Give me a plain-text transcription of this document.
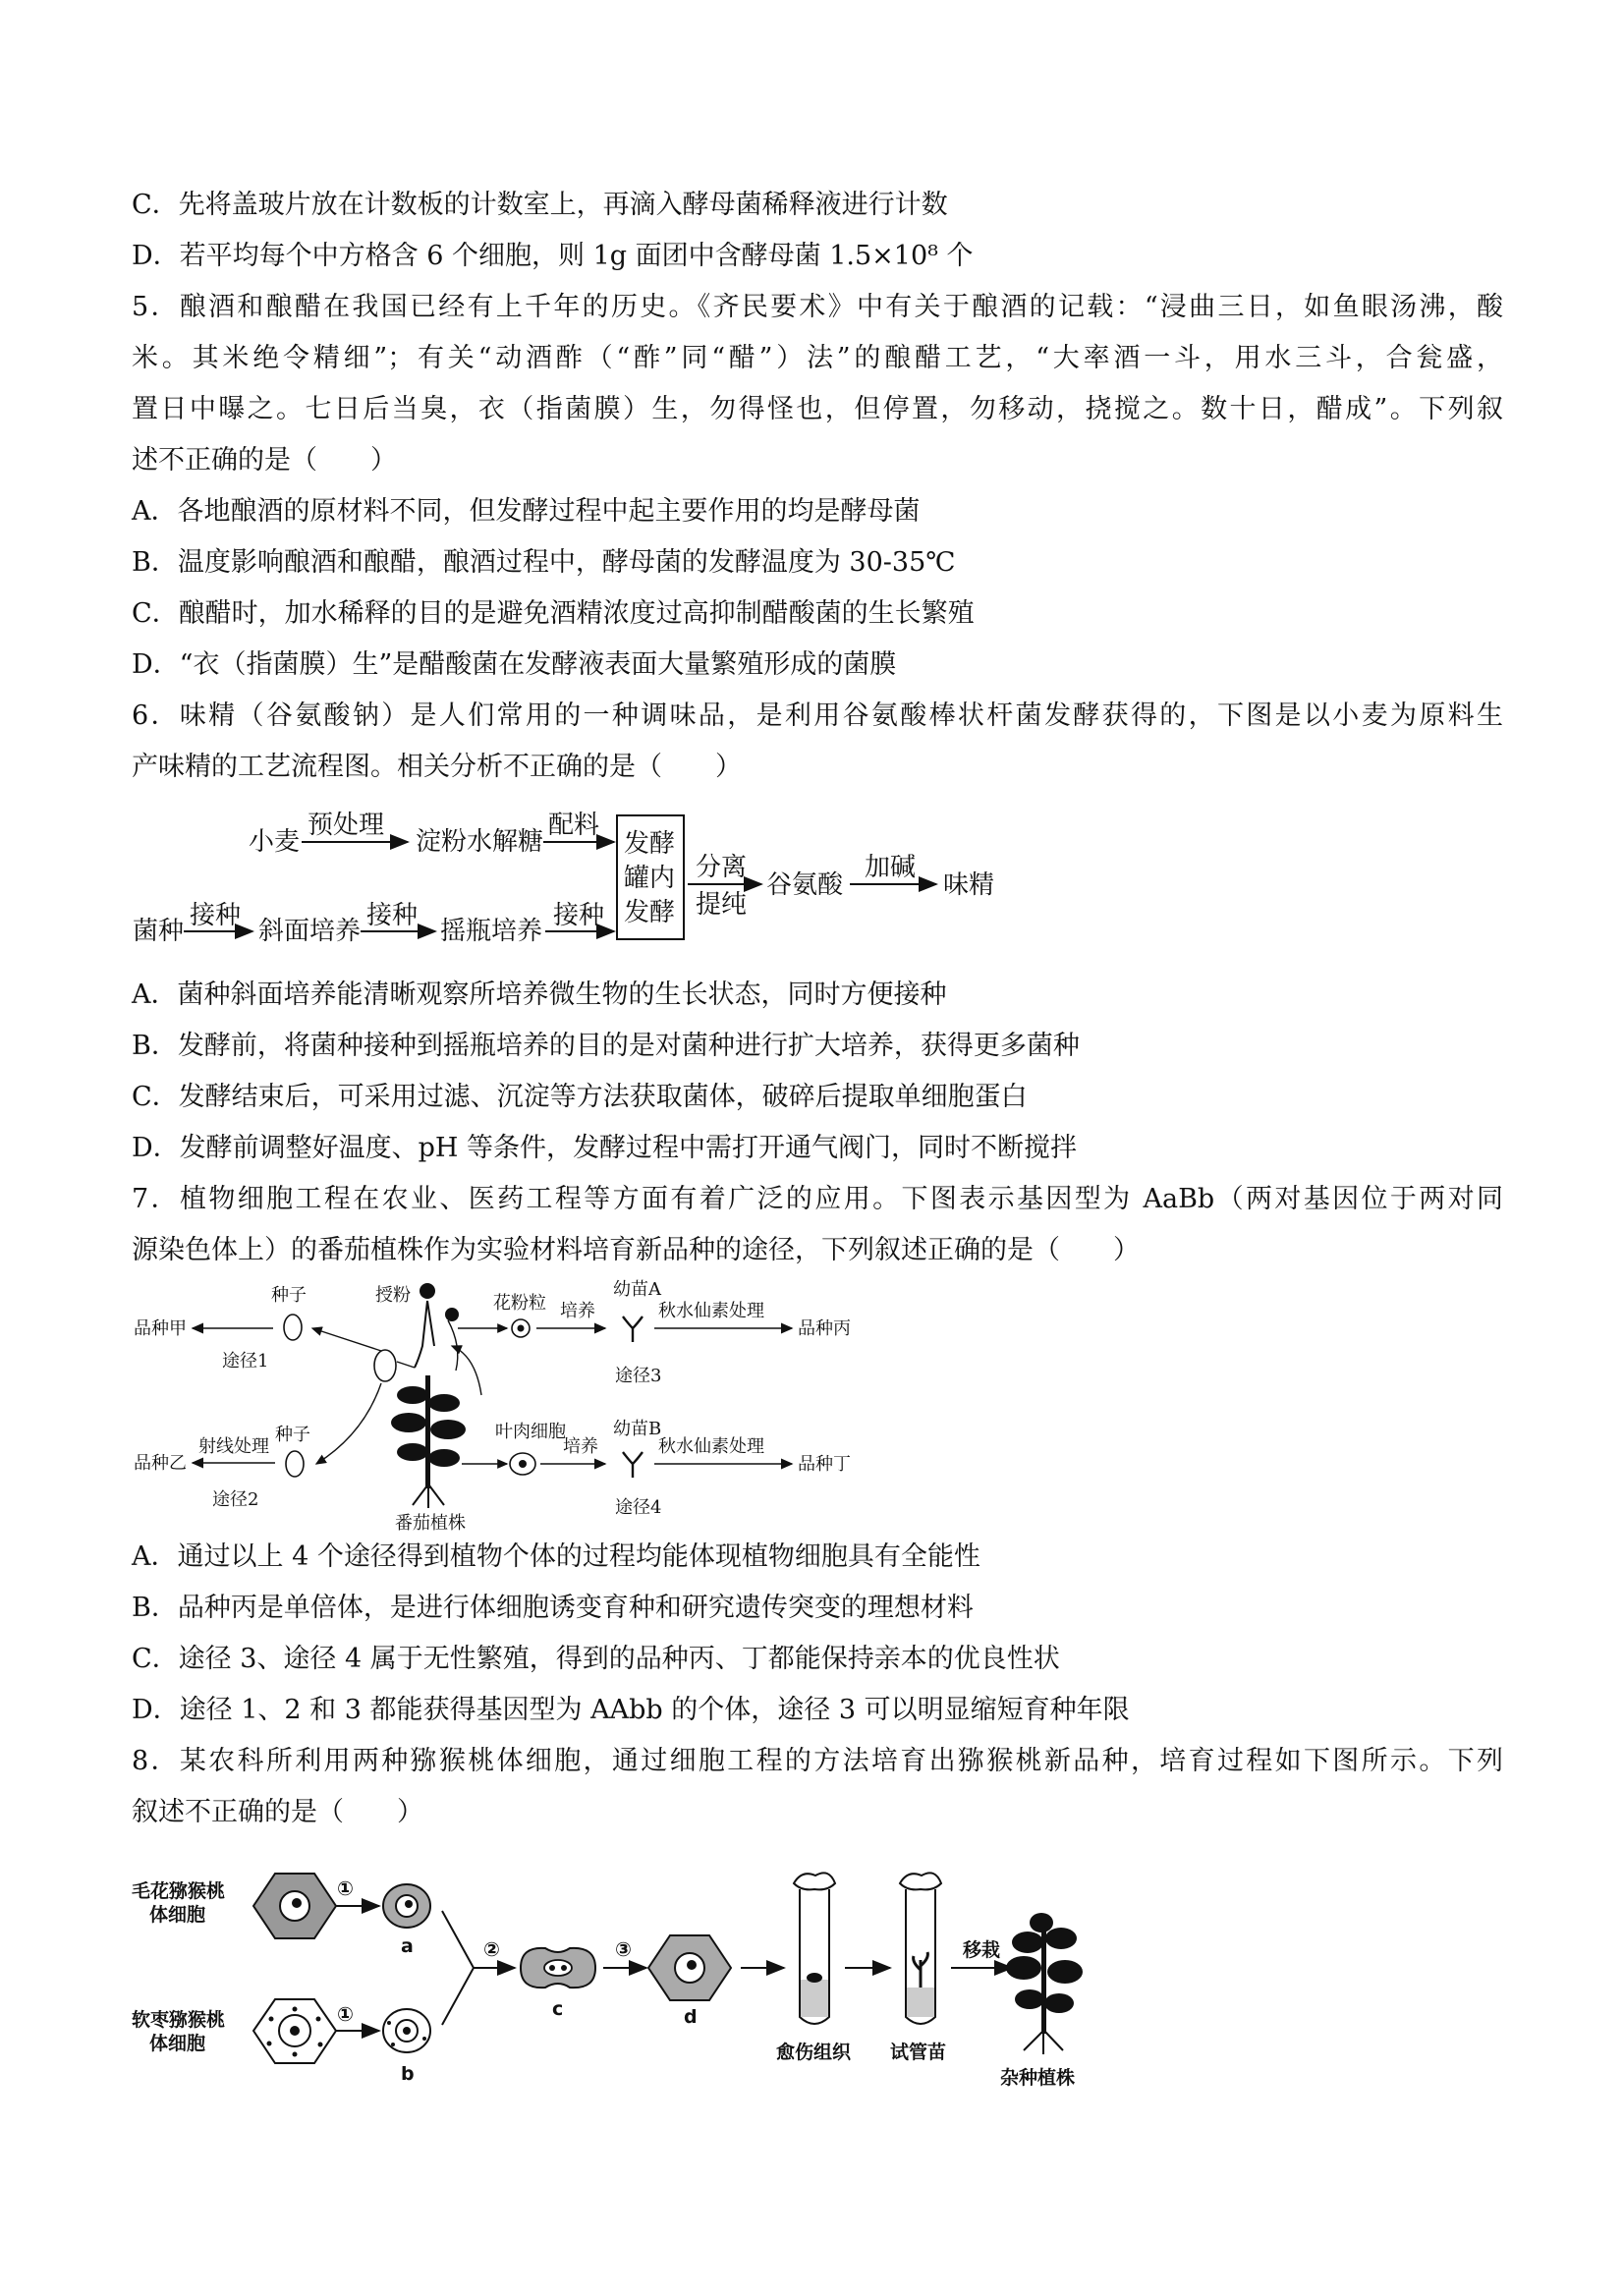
C．先将盖玻片放在计数板的计数室上，再滴入酵母菌稀释液进行计数
D．若平均每个中方格含 6 个细胞，则 1g 面团中含酵母菌 1.5×10⁸ 个
5．酿酒和酿醋在我国已经有上千年的历史。《齐民要术》中有关于酿酒的记载：“浸曲三日，如鱼眼汤沸，酸
米。其米绝令精细”；有关“动酒酢（“酢”同“醋”）法”的酿醋工艺，“大率酒一斗，用水三斗，合瓮盛，
置日中曝之。七日后当臭，衣（指菌膜）生，勿得怪也，但停置，勿移动，挠搅之。数十日，醋成”。下列叙
述不正确的是（　　）
A．各地酿酒的原材料不同，但发酵过程中起主要作用的均是酵母菌
B．温度影响酿酒和酿醋，酿酒过程中，酵母菌的发酵温度为 30-35℃
C．酿醋时，加水稀释的目的是避免酒精浓度过高抑制醋酸菌的生长繁殖
D．“衣（指菌膜）生”是醋酸菌在发酵液表面大量繁殖形成的菌膜
6．味精（谷氨酸钠）是人们常用的一种调味品，是利用谷氨酸棒状杆菌发酵获得的，下图是以小麦为原料生
产味精的工艺流程图。相关分析不正确的是（　　）
小麦
预处理
淀粉水解糖
配料
发酵
罐内
发酵
分离
提纯
谷氨酸
加碱
味精
菌种
接种
斜面培养
接种
摇瓶培养
接种
A．菌种斜面培养能清晰观察所培养微生物的生长状态，同时方便接种
B．发酵前，将菌种接种到摇瓶培养的目的是对菌种进行扩大培养，获得更多菌种
C．发酵结束后，可采用过滤、沉淀等方法获取菌体，破碎后提取单细胞蛋白
D．发酵前调整好温度、pH 等条件，发酵过程中需打开通气阀门，同时不断搅拌
7．植物细胞工程在农业、医药工程等方面有着广泛的应用。下图表示基因型为 AaBb（两对基因位于两对同
源染色体上）的番茄植株作为实验材料培育新品种的途径，下列叙述正确的是（　　）
品种甲
种子
途径1
品种乙
射线处理
种子
途径2
授粉
番茄植株
花粉粒 培养
幼苗A
秋水仙素处理
品种丙
途径3
叶肉细胞
培养
幼苗B
秋水仙素处理
品种丁
途径4
A．通过以上 4 个途径得到植物个体的过程均能体现植物细胞具有全能性
B．品种丙是单倍体，是进行体细胞诱变育种和研究遗传突变的理想材料
C．途径 3、途径 4 属于无性繁殖，得到的品种丙、丁都能保持亲本的优良性状
D．途径 1、2 和 3 都能获得基因型为 AAbb 的个体，途径 3 可以明显缩短育种年限
8．某农科所利用两种猕猴桃体细胞，通过细胞工程的方法培育出猕猴桃新品种，培育过程如下图所示。下列
叙述不正确的是（　　）
毛花猕猴桃
体细胞
①
a
软枣猕猴桃
体细胞
①
b
②
c
③
d
愈伤组织 试管苗
移栽
杂种植株
